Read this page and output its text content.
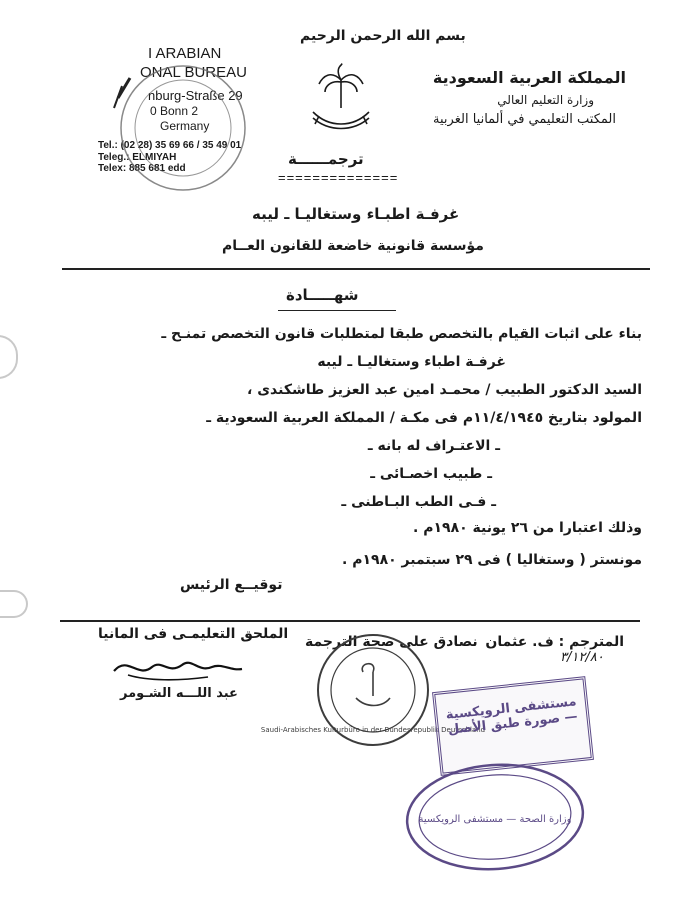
بسم الله الرحمن الرحيم
I ARABIAN
ONAL BUREAU
nburg-Straße 29
0 Bonn 2
Germany
Tel.: (02 28) 35 69 66 / 35 49 01
Teleg.: ELMIYAH
Telex: 885 681 edd
المملكة العربية السعودية
وزارة التعليم العالي
المكتب التعليمي في ألمانيا الغربية
ترجمــــــة
==============
غرفـة اطبـاء وستغاليـا ـ ليبه
مؤسسة قانونية خاضعة للقانون العــام
شهـــــادة
بناء على اثبات القيام بالتخصص طبقا لمتطلبات قانون التخصص تمنـح ـ
غرفـة اطباء وستغاليـا ـ ليبه
السيد الدكتور الطبيب / محمـد امين عبد العزيز طاشكندى ،
المولود بتاريخ ١١/٤/١٩٤٥م فى مكـة / المملكة العربية السعودية ـ
ـ الاعتـراف له بانه ـ
ـ طبيب اخصـائى ـ
ـ فـى الطب البـاطنى ـ
وذلك اعتبارا من ٢٦ يونية ١٩٨٠م .
مونستر ( وستغاليا ) فى ٢٩ سبتمبر ١٩٨٠م .
توقيــع الرئيس
المترجم : ف. عثمان
نصادق على صحة الترجمة
الملحق التعليمـى فى المانيا
٣/١٢/٨٠
عبد اللـــه الشـومر
Saudi-Arabisches Kulturbüro in der Bundesrepublik Deutschland
مستشفى الرويكسية — صورة طبق الأصل
وزارة الصحة — مستشفى الرويكسية
